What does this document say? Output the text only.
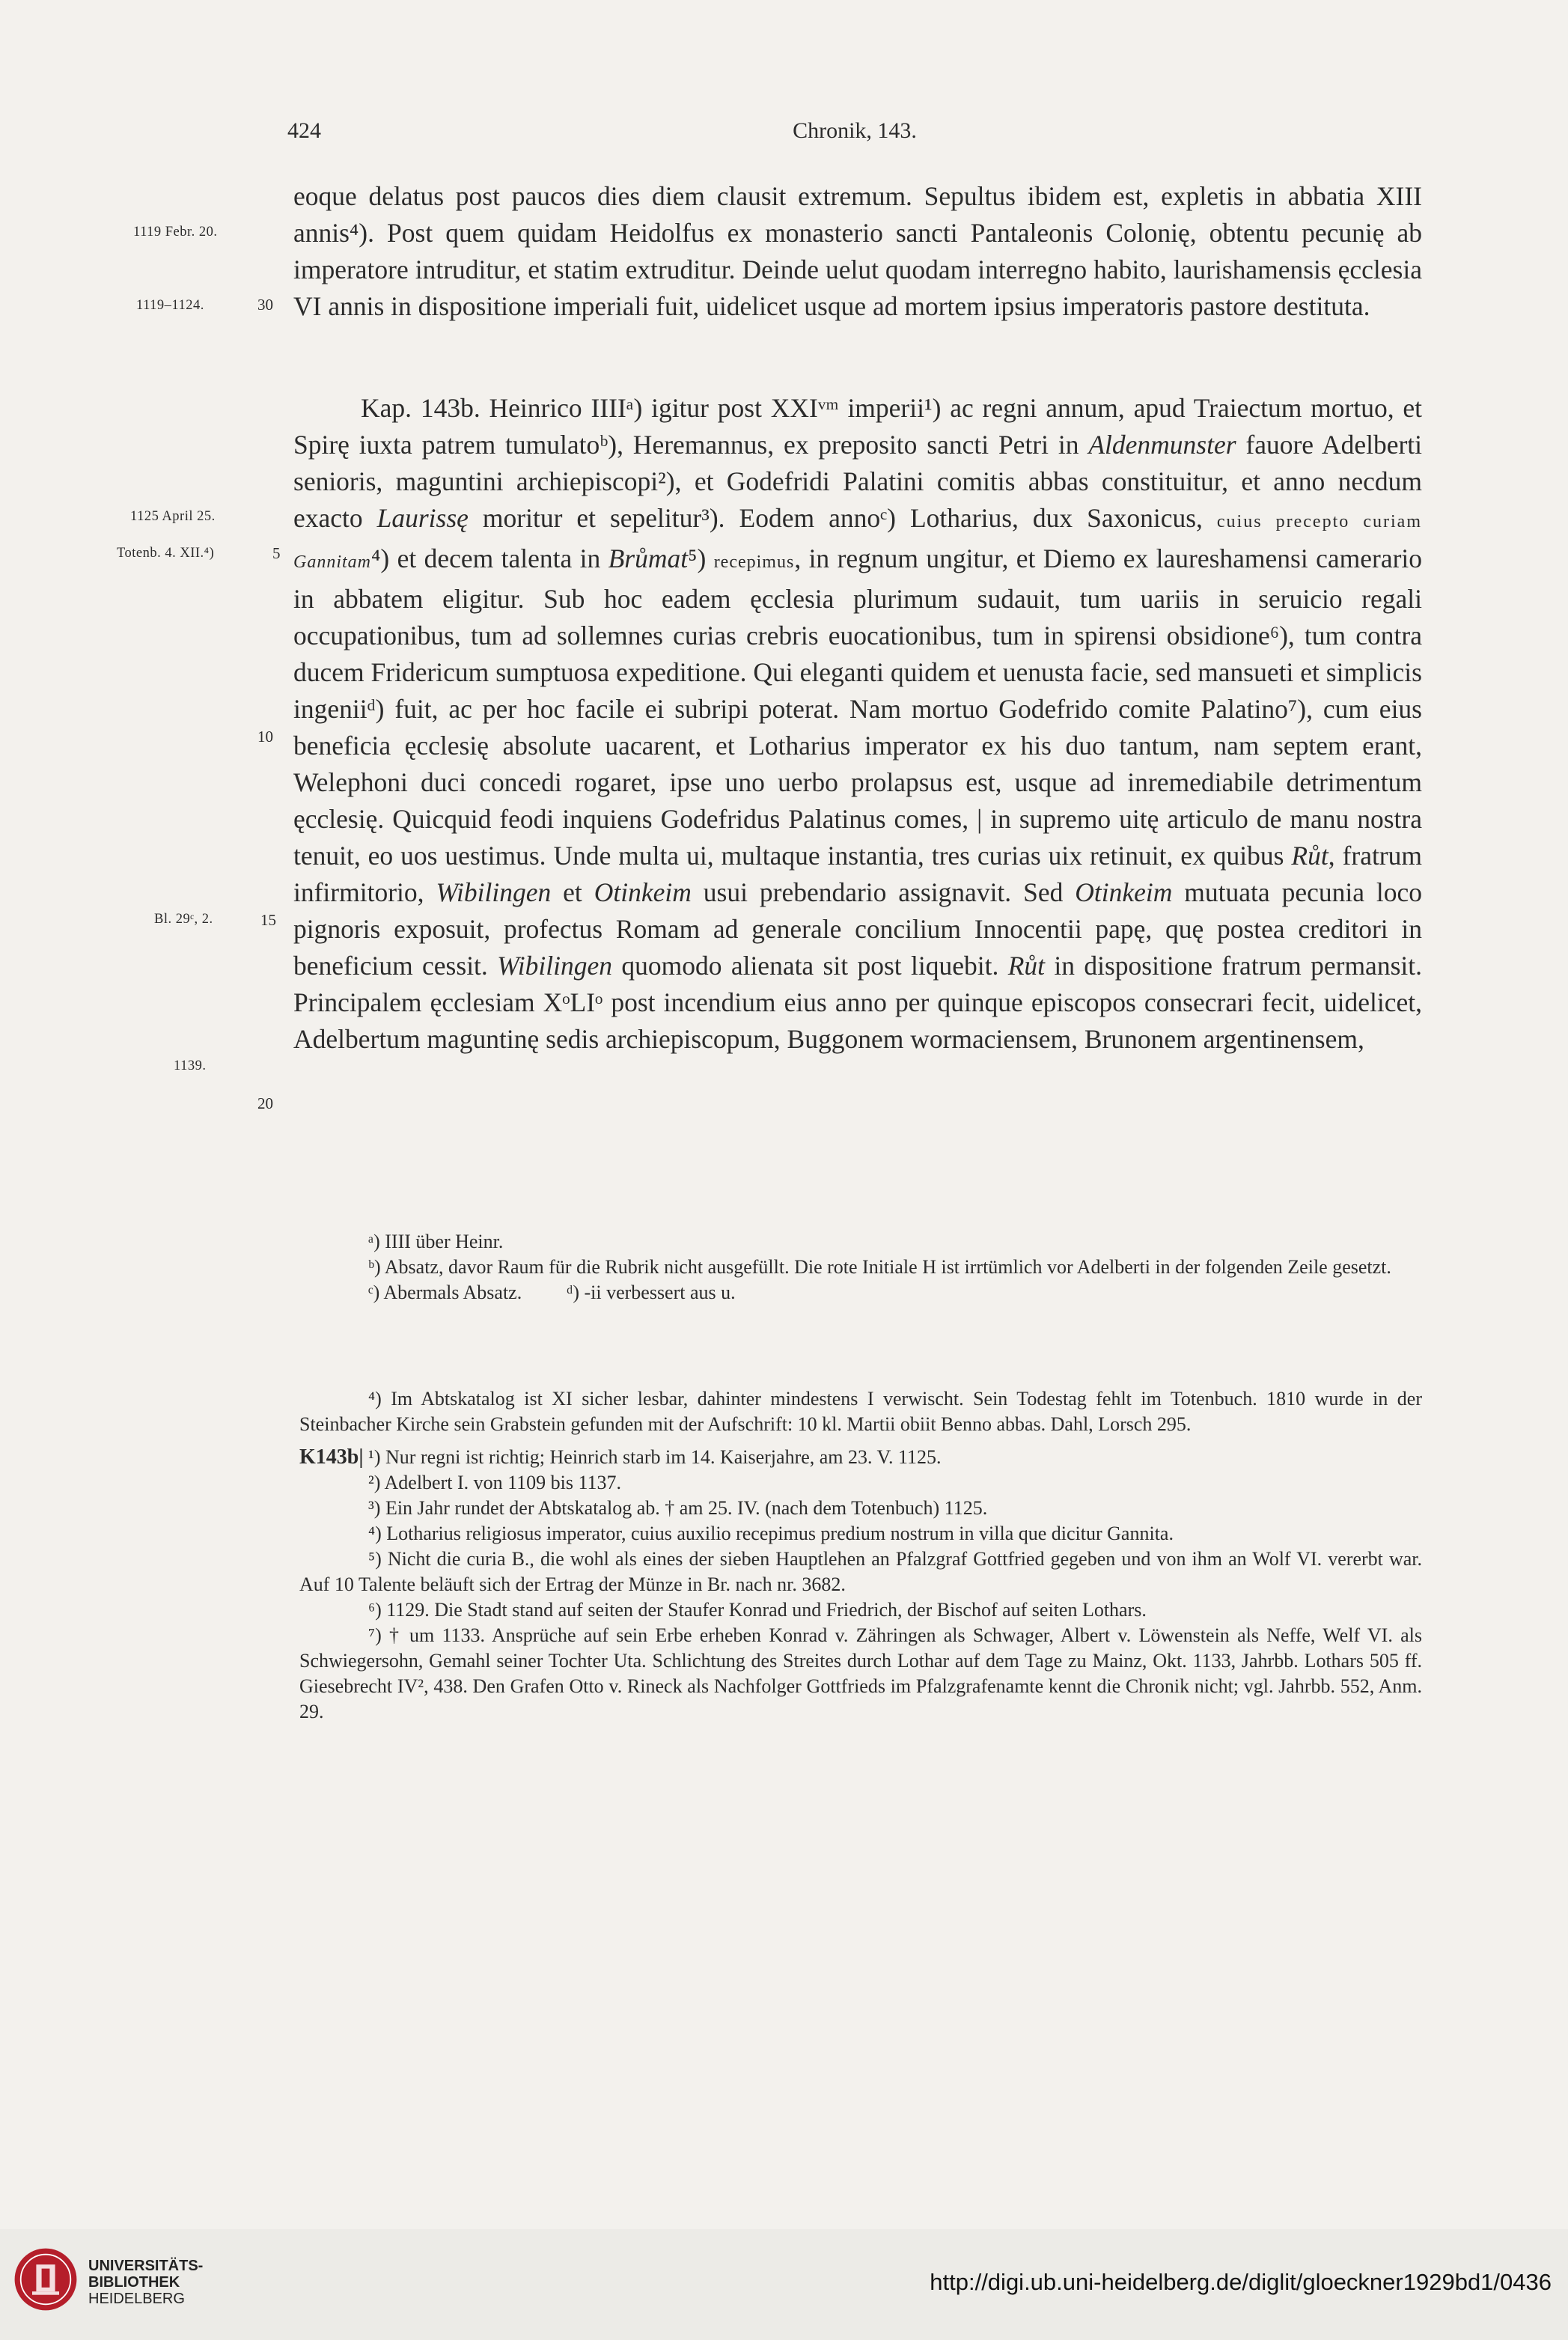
424	Chronik, 143.

eoque delatus post paucos dies diem clausit extremum. Sepultus ibidem est, expletis in abbatia XIII annis⁴). Post quem quidam Heidolfus ex monasterio sancti Pantaleonis Colonię, obtentu pecunię ab imperatore intruditur, et statim extruditur. Deinde uelut quodam interregno habito, laurishamensis ęcclesia VI annis in dispositione imperiali fuit, uidelicet usque ad mortem ipsius imperatoris pastore destituta.

Kap. 143b. Heinrico IIIIᵃ) igitur post XXIᵛᵐ imperii¹) ac regni annum, apud Traiectum mortuo, et Spirę iuxta patrem tumulatoᵇ), Heremannus, ex preposito sancti Petri in Aldenmunster fauore Adelberti senioris, maguntini archiepiscopi²), et Godefridi Palatini comitis abbas constituitur, et anno necdum exacto Laurissę moritur et sepelitur³). Eodem annoᶜ) Lotharius, dux Saxonicus, cuius precepto curiam Gannitam⁴) et decem talenta in Brůmat⁵) recepimus, in regnum ungitur, et Diemo ex laureshamensi camerario in abbatem eligitur. Sub hoc eadem ęcclesia plurimum sudauit, tum uariis in seruicio regali occupationibus, tum ad sollemnes curias crebris euocationibus, tum in spirensi obsidione⁶), tum contra ducem Fridericum sumptuosa expeditione. Qui eleganti quidem et uenusta facie, sed mansueti et simplicis ingeniiᵈ) fuit, ac per hoc facile ei subripi poterat. Nam mortuo Godefrido comite Palatino⁷), cum eius beneficia ęcclesię absolute uacarent, et Lotharius imperator ex his duo tantum, nam septem erant, Welephoni duci concedi rogaret, ipse uno uerbo prolapsus est, usque ad inremediabile detrimentum ęcclesię. Quicquid feodi inquiens Godefridus Palatinus comes, | in supremo uitę articulo de manu nostra tenuit, eo uos uestimus. Unde multa ui, multaque instantia, tres curias uix retinuit, ex quibus Růt, fratrum infirmitorio, Wibilingen et Otinkeim usui prebendario assignavit. Sed Otinkeim mutuata pecunia loco pignoris exposuit, profectus Romam ad generale concilium Innocentii papę, quę postea creditori in beneficium cessit. Wibilingen quomodo alienata sit post liquebit. Růt in dispositione fratrum permansit. Principalem ęcclesiam XᵒLIᵒ post incendium eius anno per quinque episcopos consecrari fecit, uidelicet, Adelbertum maguntinę sedis archiepiscopum, Buggonem wormaciensem, Brunonem argentinensem,

1119 Febr. 20.
1119–1124.
1125 April 25.
Totenb. 4. XII.⁴)
Bl. 29ᶜ, 2.
1139.
30
5
10
15
20

ᵃ) IIII über Heinr.

ᵇ) Absatz, davor Raum für die Rubrik nicht ausgefüllt. Die rote Initiale H ist irrtümlich vor Adelberti in der folgenden Zeile gesetzt.

ᶜ) Abermals Absatz. ᵈ) -ii verbessert aus u.

⁴) Im Abtskatalog ist XI sicher lesbar, dahinter mindestens I verwischt. Sein Todestag fehlt im Totenbuch. 1810 wurde in der Steinbacher Kirche sein Grabstein gefunden mit der Aufschrift: 10 kl. Martii obiit Benno abbas. Dahl, Lorsch 295.

K143b| ¹) Nur regni ist richtig; Heinrich starb im 14. Kaiserjahre, am 23. V. 1125.

²) Adelbert I. von 1109 bis 1137.

³) Ein Jahr rundet der Abtskatalog ab. † am 25. IV. (nach dem Totenbuch) 1125.

⁴) Lotharius religiosus imperator, cuius auxilio recepimus predium nostrum in villa que dicitur Gannita.

⁵) Nicht die curia B., die wohl als eines der sieben Hauptlehen an Pfalzgraf Gottfried gegeben und von ihm an Wolf VI. vererbt war. Auf 10 Talente beläuft sich der Ertrag der Münze in Br. nach nr. 3682.

⁶) 1129. Die Stadt stand auf seiten der Staufer Konrad und Friedrich, der Bischof auf seiten Lothars.

⁷) † um 1133. Ansprüche auf sein Erbe erheben Konrad v. Zähringen als Schwager, Albert v. Löwenstein als Neffe, Welf VI. als Schwiegersohn, Gemahl seiner Tochter Uta. Schlichtung des Streites durch Lothar auf dem Tage zu Mainz, Okt. 1133, Jahrbb. Lothars 505 ff. Giesebrecht IV², 438. Den Grafen Otto v. Rineck als Nachfolger Gottfrieds im Pfalzgrafenamte kennt die Chronik nicht; vgl. Jahrbb. 552, Anm. 29.

UNIVERSITÄTS-
BIBLIOTHEK
HEIDELBERG
http://digi.ub.uni-heidelberg.de/diglit/gloeckner1929bd1/0436
